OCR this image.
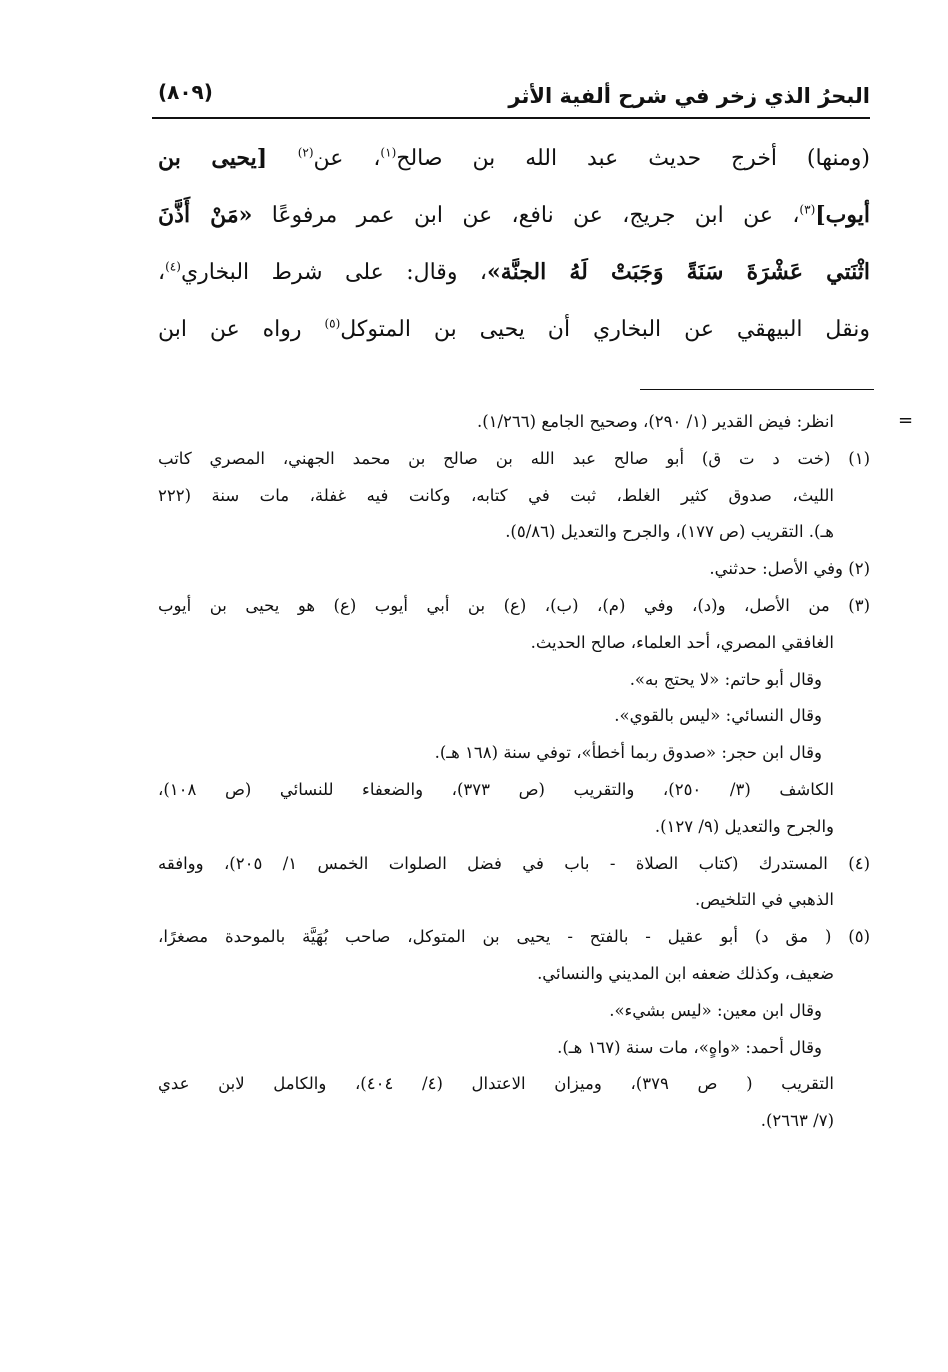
البحرُ الذي زخر في شرح ألفية الأثر
(٨٠٩)
(ومنها) أخرج حديث عبد الله بن صالح$^{(١)}$، عن$^{(٢)}$ [يحيى بن
أيوب]$^{(٣)}$، عن ابن جريج، عن نافع، عن ابن عمر مرفوعًا «مَنْ أَذَّنَ
اثْنَتي عَشْرَةَ سَنَةً وَجَبَتْ لَهُ الجنَّة»، وقال: على شرط البخاري$^{(٤)}$،
ونقل البيهقي عن البخاري أن يحيى بن المتوكل$^{(٥)}$ رواه عن ابن
=
انظر: فيض القدير (١/ ٢٩٠)، وصحيح الجامع (١/٢٦٦).
(١) (خت د ت ق) أبو صالح عبد الله بن صالح بن محمد الجهني، المصري كاتب
الليث، صدوق كثير الغلط، ثبت في كتابه، وكانت فيه غفلة، مات سنة (٢٢٢
هـ). التقريب (ص ١٧٧)، والجرح والتعديل (٥/٨٦).
(٢) وفي الأصل: حدثني.
(٣) من الأصل، و(د)، وفي (م)، (ب)، (ع) بن أبي أيوب (ع) هو يحيى بن أيوب
الغافقي المصري، أحد العلماء، صالح الحديث.
وقال أبو حاتم: «لا يحتج به».
وقال النسائي: «ليس بالقوي».
وقال ابن حجر: «صدوق ربما أخطأ»، توفي سنة (١٦٨ هـ).
الكاشف (٣/ ٢٥٠)، والتقريب (ص ٣٧٣)، والضعفاء للنسائي (ص ١٠٨)،
والجرح والتعديل (٩/ ١٢٧).
(٤) المستدرك (كتاب الصلاة - باب في فضل الصلوات الخمس ١/ ٢٠٥)، ووافقه
الذهبي في التلخيص.
(٥) ( مق د) أبو عقيل - بالفتح - يحيى بن المتوكل، صاحب بُهَيَّة بالموحدة مصغرًا،
ضعيف، وكذلك ضعفه ابن المديني والنسائي.
وقال ابن معين: «ليس بشيء».
وقال أحمد: «واهٍ»، مات سنة (١٦٧ هـ).
التقريب ( ص ٣٧٩)، وميزان الاعتدال (٤/ ٤٠٤)، والكامل لابن عدي
(٧/ ٢٦٦٣).
